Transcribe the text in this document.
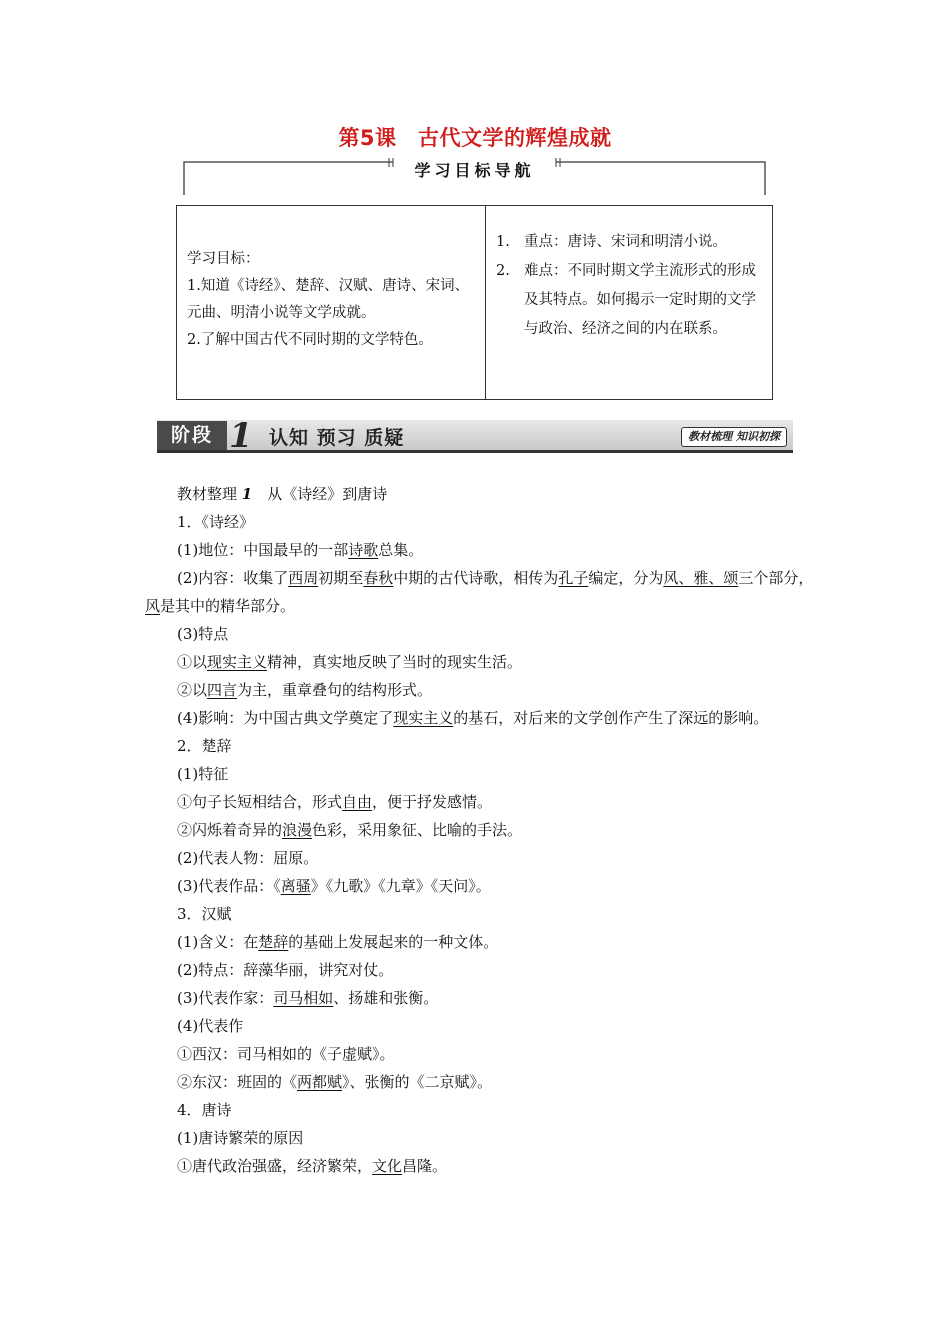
第5课　古代文学的辉煌成就
学习目标导航
学习目标：
1.知道《诗经》、楚辞、汉赋、唐诗、宋词、元曲、明清小说等文学成就。
2.了解中国古代不同时期的文学特色。
1. 重点：唐诗、宋词和明清小说。
2. 难点：不同时期文学主流形式的形成及其特点。如何揭示一定时期的文学与政治、经济之间的内在联系。
阶段 1 认知 预习 质疑	教材梳理 知识初探

教材整理 1　 从《诗经》到唐诗

1．《诗经》

(1)地位：中国最早的一部诗歌总集。

(2)内容：收集了西周初期至春秋中期的古代诗歌，相传为孔子编定，分为风、雅、颂三个部分，风是其中的精华部分。

(3)特点

①以现实主义精神，真实地反映了当时的现实生活。

②以四言为主，重章叠句的结构形式。

(4)影响：为中国古典文学奠定了现实主义的基石，对后来的文学创作产生了深远的影响。

2．楚辞

(1)特征

①句子长短相结合，形式自由，便于抒发感情。

②闪烁着奇异的浪漫色彩，采用象征、比喻的手法。

(2)代表人物：屈原。

(3)代表作品：《离骚》《九歌》《九章》《天问》。

3．汉赋

(1)含义：在楚辞的基础上发展起来的一种文体。

(2)特点：辞藻华丽，讲究对仗。

(3)代表作家：司马相如、扬雄和张衡。

(4)代表作

①西汉：司马相如的《子虚赋》。

②东汉：班固的《两都赋》、张衡的《二京赋》。

4．唐诗

(1)唐诗繁荣的原因

①唐代政治强盛，经济繁荣，文化昌隆。
